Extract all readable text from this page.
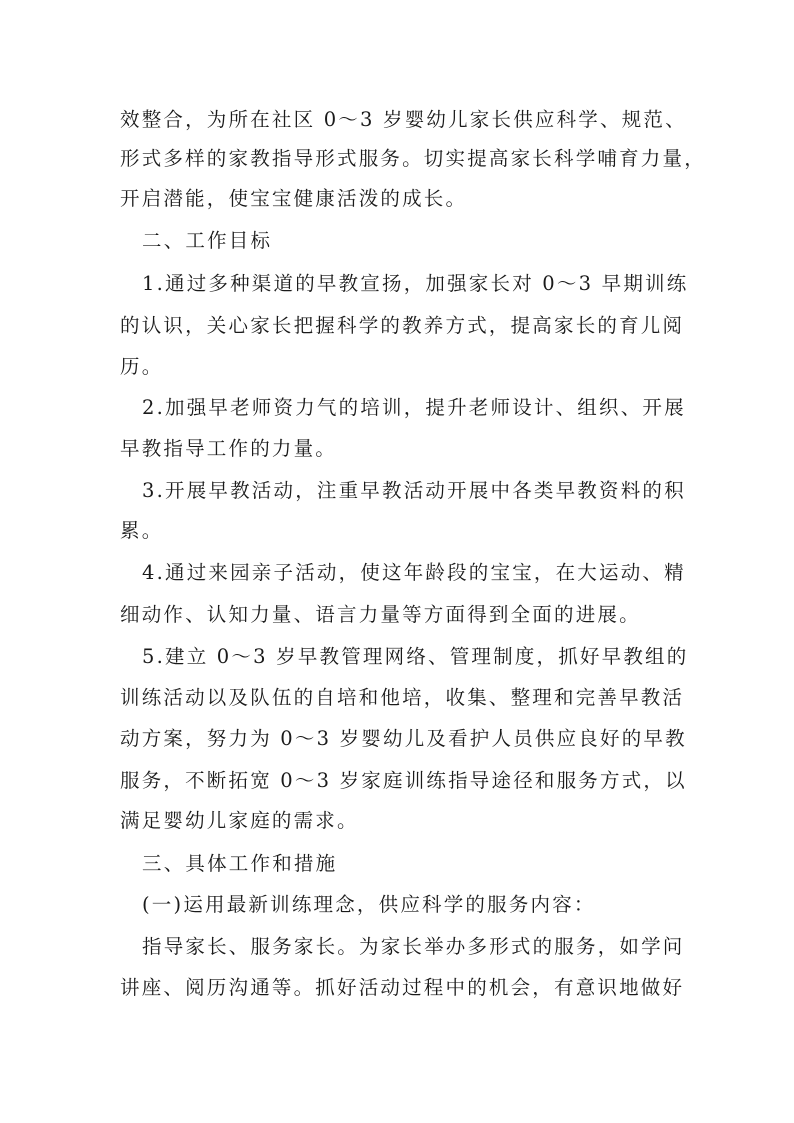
效整合，为所在社区 0～3 岁婴幼儿家长供应科学、规范、
形式多样的家教指导形式服务。切实提高家长科学哺育力量，
开启潜能，使宝宝健康活泼的成长。
二、工作目标
1.通过多种渠道的早教宣扬，加强家长对 0～3 早期训练
的认识，关心家长把握科学的教养方式，提高家长的育儿阅
历。
2.加强早老师资力气的培训，提升老师设计、组织、开展
早教指导工作的力量。
3.开展早教活动，注重早教活动开展中各类早教资料的积
累。
4.通过来园亲子活动，使这年龄段的宝宝，在大运动、精
细动作、认知力量、语言力量等方面得到全面的进展。
5.建立 0～3 岁早教管理网络、管理制度，抓好早教组的
训练活动以及队伍的自培和他培，收集、整理和完善早教活
动方案，努力为 0～3 岁婴幼儿及看护人员供应良好的早教
服务，不断拓宽 0～3 岁家庭训练指导途径和服务方式，以
满足婴幼儿家庭的需求。
三、具体工作和措施
(一)运用最新训练理念，供应科学的服务内容：
指导家长、服务家长。为家长举办多形式的服务，如学问
讲座、阅历沟通等。抓好活动过程中的机会，有意识地做好
